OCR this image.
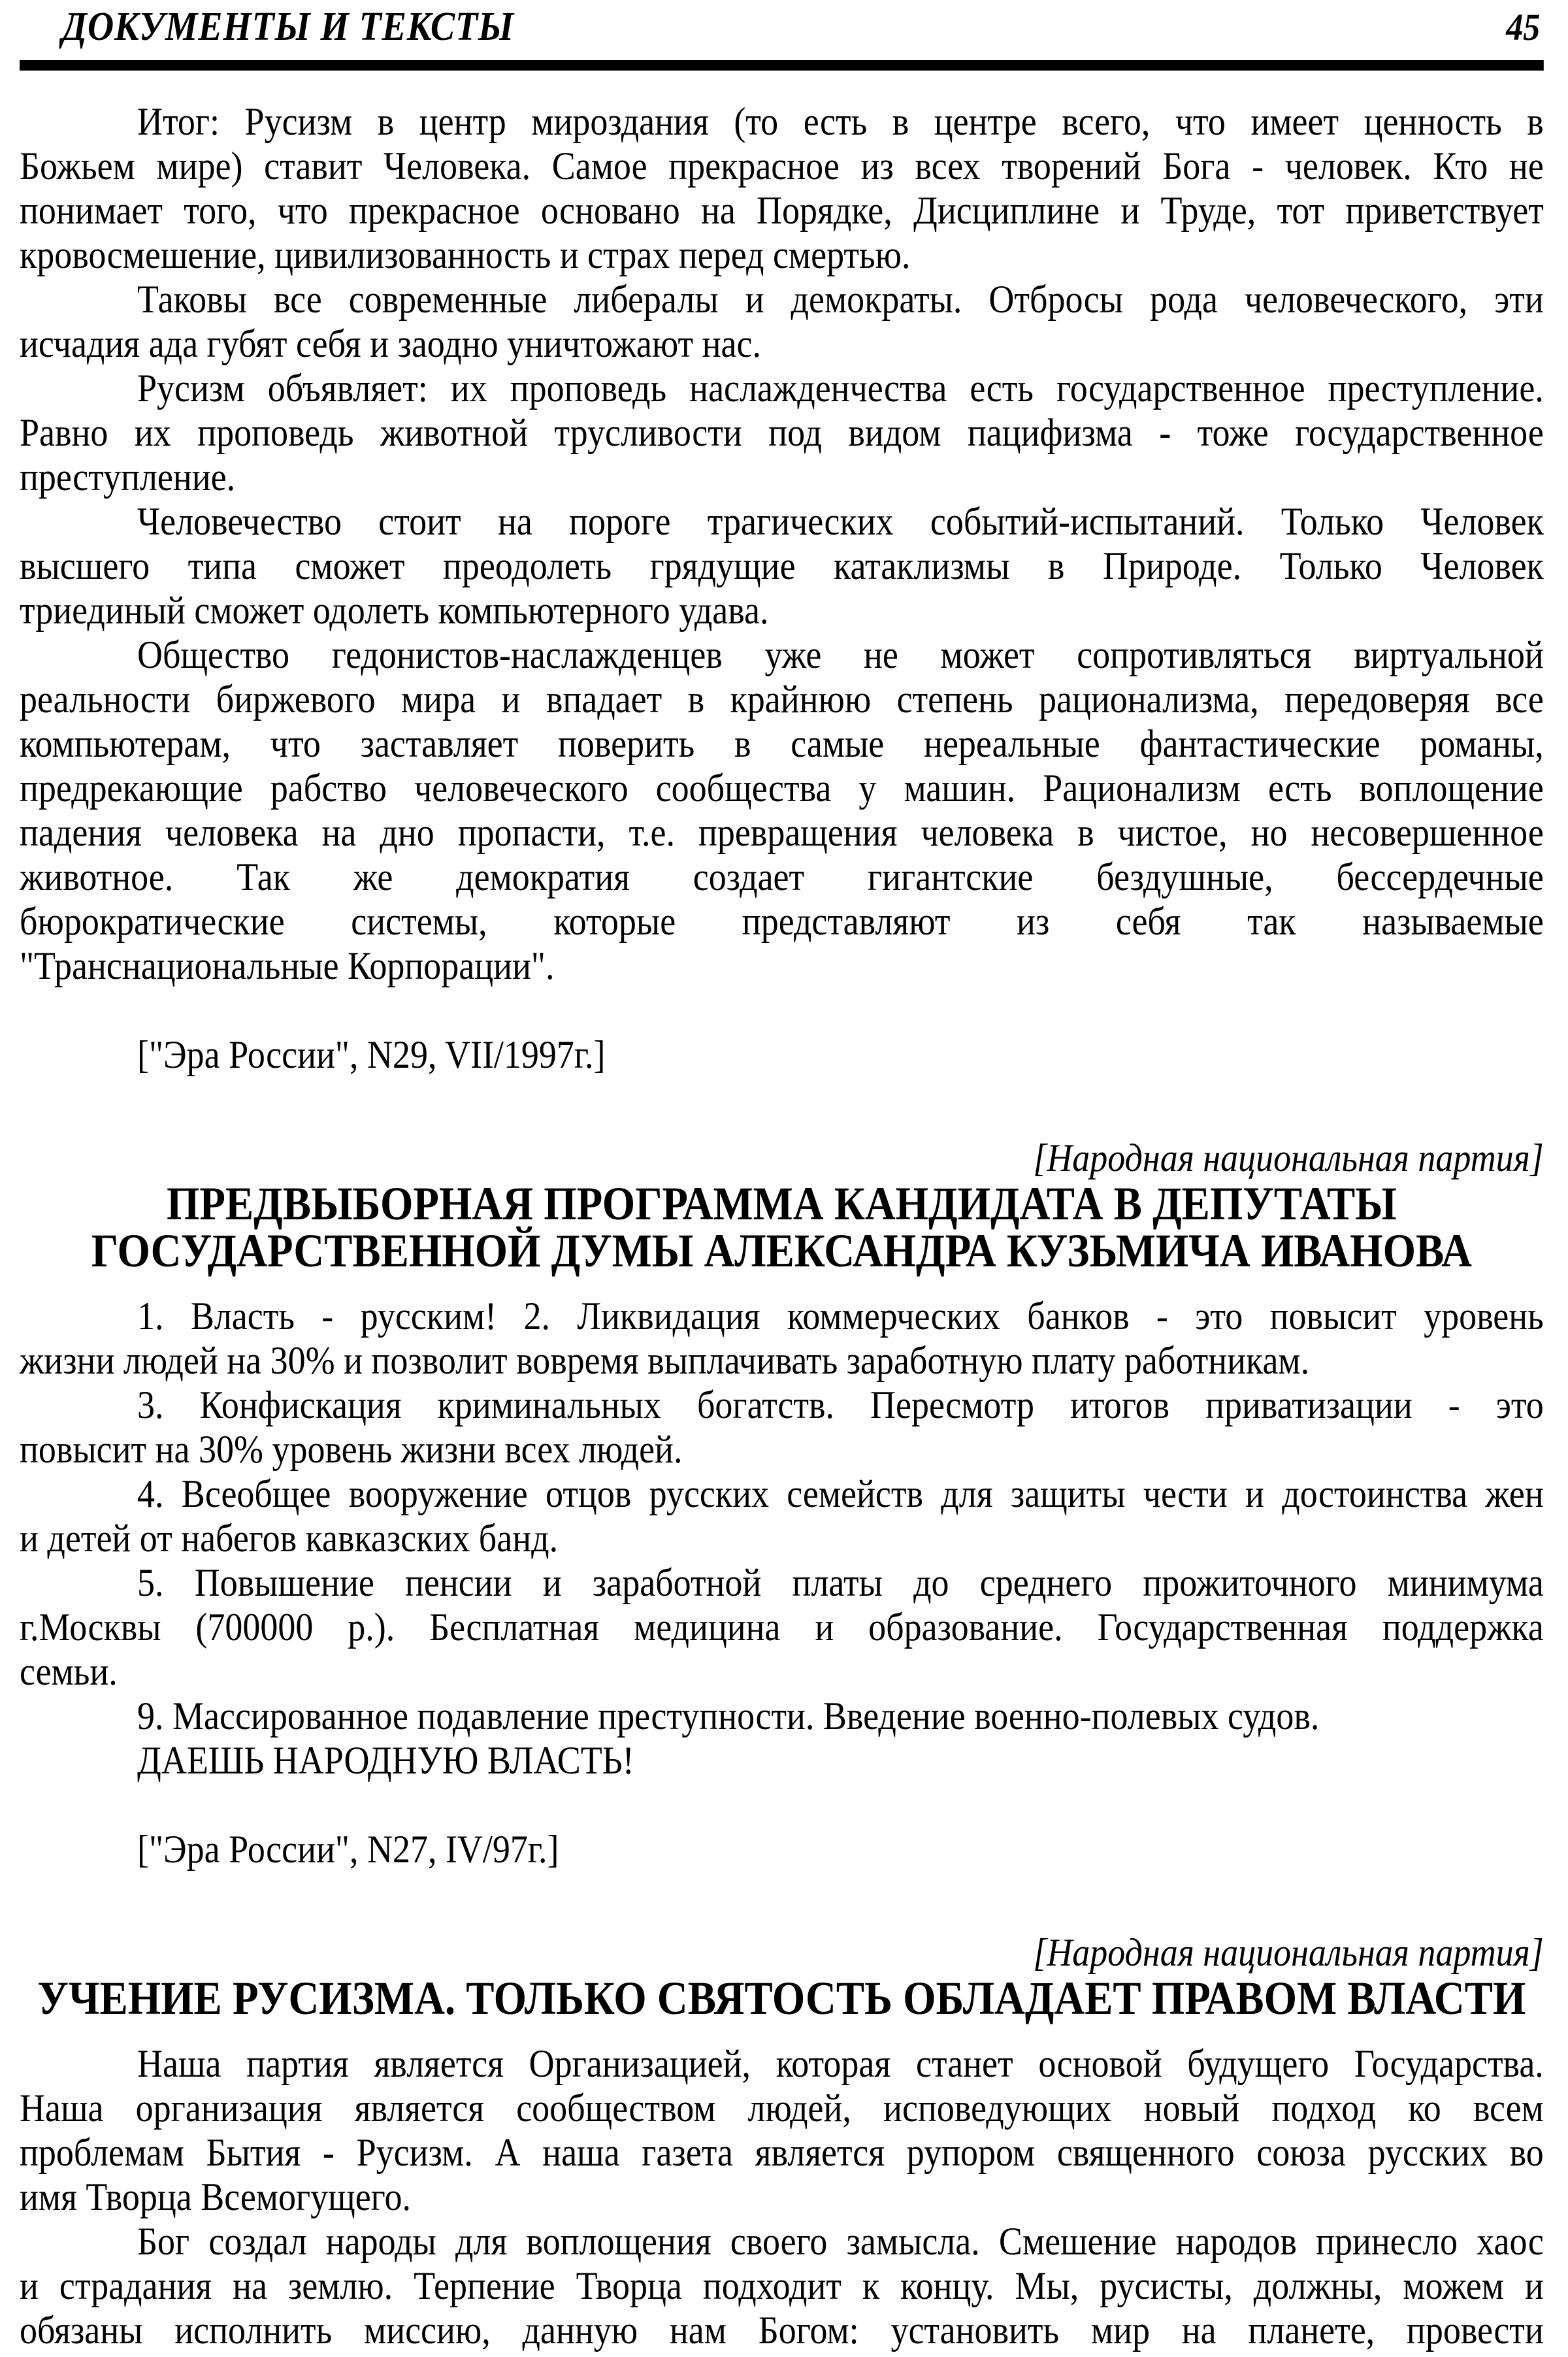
ДОКУМЕНТЫ И ТЕКСТЫ	45
Итог: Русизм в центр мироздания (то есть в центре всего, что имеет ценность в
Божьем мире) ставит Человека. Самое прекрасное из всех творений Бога - человек. Кто не
понимает того, что прекрасное основано на Порядке, Дисциплине и Труде, тот приветствует
кровосмешение, цивилизованность и страх перед смертью.
Таковы все современные либералы и демократы. Отбросы рода человеческого, эти
исчадия ада губят себя и заодно уничтожают нас.
Русизм объявляет: их проповедь наслажденчества есть государственное преступление.
Равно их проповедь животной трусливости под видом пацифизма - тоже государственное
преступление.
Человечество стоит на пороге трагических событий-испытаний. Только Человек
высшего типа сможет преодолеть грядущие катаклизмы в Природе. Только Человек
триединый сможет одолеть компьютерного удава.
Общество гедонистов-наслажденцев уже не может сопротивляться виртуальной
реальности биржевого мира и впадает в крайнюю степень рационализма, передоверяя все
компьютерам, что заставляет поверить в самые нереальные фантастические романы,
предрекающие рабство человеческого сообщества у машин. Рационализм есть воплощение
падения человека на дно пропасти, т.е. превращения человека в чистое, но несовершенное
животное. Так же демократия создает гигантские бездушные, бессердечные
бюрократические системы, которые представляют из себя так называемые
"Транснациональные Корпорации".
["Эра России", N29, VII/1997г.]
[Народная национальная партия]
ПРЕДВЫБОРНАЯ ПРОГРАММА КАНДИДАТА В ДЕПУТАТЫ
ГОСУДАРСТВЕННОЙ ДУМЫ АЛЕКСАНДРА КУЗЬМИЧА ИВАНОВА
1. Власть - русским! 2. Ликвидация коммерческих банков - это повысит уровень
жизни людей на 30% и позволит вовремя выплачивать заработную плату работникам.
3. Конфискация криминальных богатств. Пересмотр итогов приватизации - это
повысит на 30% уровень жизни всех людей.
4. Всеобщее вооружение отцов русских семейств для защиты чести и достоинства жен
и детей от набегов кавказских банд.
5. Повышение пенсии и заработной платы до среднего прожиточного минимума
г.Москвы (700000 р.). Бесплатная медицина и образование. Государственная поддержка
семьи.
9. Массированное подавление преступности. Введение военно-полевых судов.
ДАЕШЬ НАРОДНУЮ ВЛАСТЬ!
["Эра России", N27, IV/97г.]
[Народная национальная партия]
УЧЕНИЕ РУСИЗМА. ТОЛЬКО СВЯТОСТЬ ОБЛАДАЕТ ПРАВОМ ВЛАСТИ
Наша партия является Организацией, которая станет основой будущего Государства.
Наша организация является сообществом людей, исповедующих новый подход ко всем
проблемам Бытия - Русизм. А наша газета является рупором священного союза русских во
имя Творца Всемогущего.
Бог создал народы для воплощения своего замысла. Смешение народов принесло хаос
и страдания на землю. Терпение Творца подходит к концу. Мы, русисты, должны, можем и
обязаны исполнить миссию, данную нам Богом: установить мир на планете, провести
